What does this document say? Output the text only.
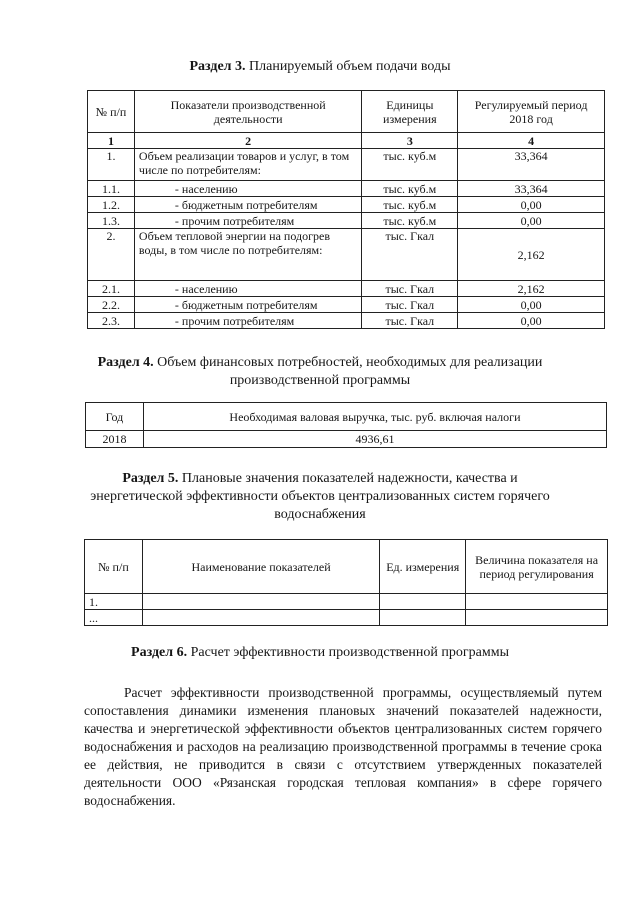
Раздел 3. Планируемый объем подачи воды
№ п/п	Показатели производственной деятельности	Единицы измерения	Регулируемый период 2018 год
1	2	3	4
1.	Объем реализации товаров и услуг, в том числе по потребителям:	тыс. куб.м	33,364
1.1.	- населению	тыс. куб.м	33,364
1.2.	- бюджетным потребителям	тыс. куб.м	0,00
1.3.	- прочим потребителям	тыс. куб.м	0,00
2.	Объем тепловой энергии на подогрев воды, в том числе по потребителям:	тыс. Гкал	2,162
2.1.	- населению	тыс. Гкал	2,162
2.2.	- бюджетным потребителям	тыс. Гкал	0,00
2.3.	- прочим потребителям	тыс. Гкал	0,00
Раздел 4. Объем финансовых потребностей, необходимых для реализации
производственной программы
Год	Необходимая валовая выручка, тыс. руб. включая налоги
2018	4936,61
Раздел 5. Плановые значения показателей надежности, качества и
энергетической эффективности объектов централизованных систем горячего
водоснабжения
№ п/п	Наименование показателей	Ед. измерения	Величина показателя на период регулирования
1.			
...			
Раздел 6. Расчет эффективности производственной программы
Расчет эффективности производственной программы, осуществляемый путем сопоставления динамики изменения плановых значений показателей надежности, качества и энергетической эффективности объектов централизованных систем горячего водоснабжения и расходов на реализацию производственной программы в течение срока ее действия, не приводится в связи с отсутствием утвержденных показателей деятельности ООО «Рязанская городская тепловая компания» в сфере горячего водоснабжения.
